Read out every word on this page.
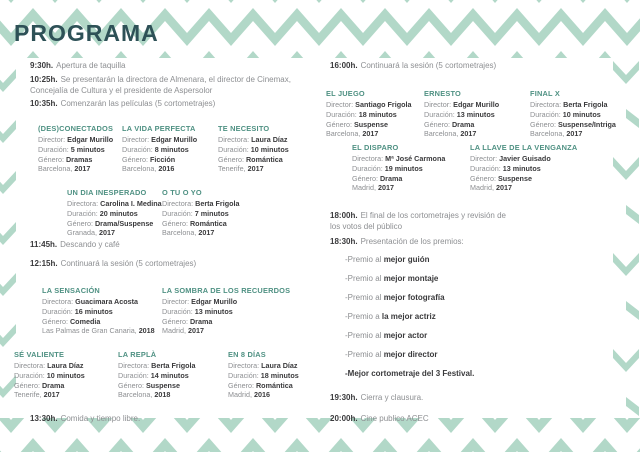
PROGRAMA
9:30h. Apertura de taquilla
10:25h. Se presentarán la directora de Almenara, el director de Cinemax, Concejalía de Cultura y el presidente de Aspersolor
10:35h. Comenzarán las películas (5 cortometrajes)
11:45h. Descando y café
12:15h. Continuará la sesión (5 cortometrajes)
13:30h. Comida y tiempo libre.
16:00h. Continuará la sesión (5 cortometrajes)
18:00h. El final de los cortometrajes y revisión de los votos del público
18:30h. Presentación de los premios:
19:30h. Cierra y clausura.
20:00h. Cine publico ACEC
(DES)CONECTADOS
Director: Edgar Murillo
Duración: 5 minutos
Género: Dramas
Barcelona, 2017
LA VIDA PERFECTA
Director: Edgar Murillo
Duración: 8 minutos
Género: Ficción
Barcelona, 2016
TE NECESITO
Directora: Laura Díaz
Duración: 10 minutos
Género: Romántica
Tenerife, 2017
UN DIA INESPERADO
Directora: Carolina I. Medina
Duración: 20 minutos
Género: Drama/Suspense
Granada, 2017
O TU O YO
Directora: Berta Frigola
Duración: 7 minutos
Género: Romántica
Barcelona, 2017
LA SENSACIÓN
Directora: Guacimara Acosta
Duración: 16 minutos
Género: Comedia
Las Palmas de Gran Canaria, 2018
LA SOMBRA DE LOS RECUERDOS
Director: Edgar Murillo
Duración: 13 minutos
Género: Drama
Madrid, 2017
SÉ VALIENTE
Directora: Laura Díaz
Duración: 10 minutos
Género: Drama
Tenerife, 2017
LA REPLÀ
Directora: Berta Frigola
Duración: 14 minutos
Género: Suspense
Barcelona, 2018
EN 8 DÍAS
Directora: Laura Díaz
Duración: 18 minutos
Género: Romántica
Madrid, 2016
EL JUEGO
Director: Santiago Frigola
Duración: 18 minutos
Género: Suspense
Barcelona, 2017
ERNESTO
Director: Edgar Murillo
Duración: 13 minutos
Género: Drama
Barcelona, 2017
FINAL X
Directora: Berta Frigola
Duración: 10 minutos
Género: Suspense/Intriga
Barcelona, 2017
EL DISPARO
Directora: Mª José Carmona
Duración: 19 minutos
Género: Drama
Madrid, 2017
LA LLAVE DE LA VENGANZA
Director: Javier Guisado
Duración: 13 minutos
Género: Suspense
Madrid, 2017
-Premio al mejor guión
-Premio al mejor montaje
-Premio al mejor fotografía
-Premio a la mejor actriz
-Premio al mejor actor
-Premio al mejor director
-Mejor cortometraje del 3 Festival.
